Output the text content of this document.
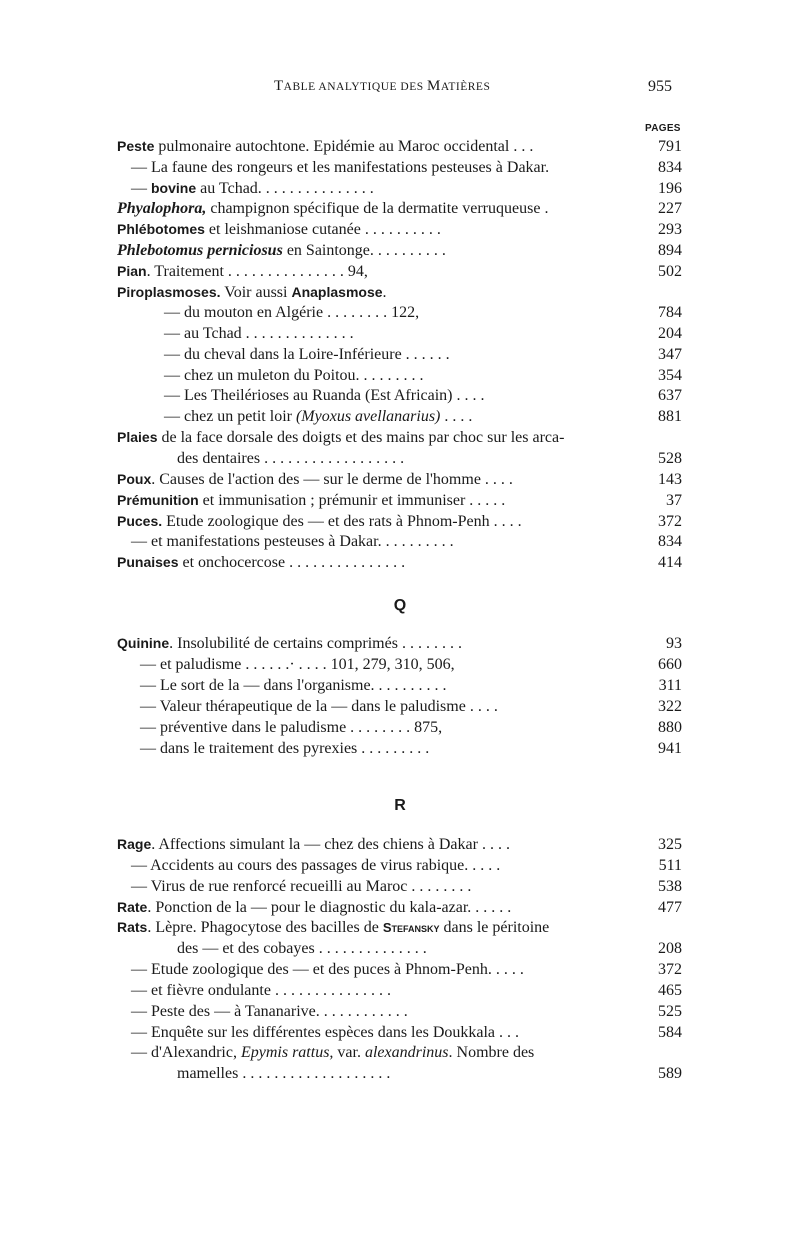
TABLE ANALYTIQUE DES MATIÈRES	955
PAGES
Peste pulmonaire autochtone. Epidémie au Maroc occidental . . .	791
— La faune des rongeurs et les manifestations pesteuses à Dakar.	834
— bovine au Tchad. . . . . . . . . . . . . . .	196
Phyalophora, champignon spécifique de la dermatite verruqueuse .	227
Phlébotomes et leishmaniose cutanée . . . . . . . . . .	293
Phlebotomus perniciosus en Saintonge. . . . . . . . . .	894
Pian. Traitement . . . . . . . . . . . . . . . 94,	502
Piroplasmoses. Voir aussi Anaplasmose.
— du mouton en Algérie . . . . . . . . 122,	784
— au Tchad . . . . . . . . . . . . . .	204
— du cheval dans la Loire-Inférieure . . . . . .	347
— chez un muleton du Poitou. . . . . . . . .	354
— Les Theilérioses au Ruanda (Est Africain) . . . .	637
— chez un petit loir (Myoxus avellanarius) . . . .	881
Plaies de la face dorsale des doigts et des mains par choc sur les arca-
des dentaires . . . . . . . . . . . . . . . . . .	528
Poux. Causes de l'action des — sur le derme de l'homme . . . .	143
Prémunition et immunisation ; prémunir et immuniser . . . . .	37
Puces. Etude zoologique des — et des rats à Phnom-Penh . . . .	372
— et manifestations pesteuses à Dakar. . . . . . . . . .	834
Punaises et onchocercose . . . . . . . . . . . . . . .	414
Quinine. Insolubilité de certains comprimés . . . . . . . .	93
— et paludisme . . . . . .· . . . . 101, 279, 310, 506,	660
— Le sort de la — dans l'organisme. . . . . . . . . .	311
— Valeur thérapeutique de la — dans le paludisme . . . .	322
— préventive dans le paludisme . . . . . . . . 875,	880
— dans le traitement des pyrexies . . . . . . . . .	941
Rage. Affections simulant la — chez des chiens à Dakar . . . .	325
— Accidents au cours des passages de virus rabique. . . . .	511
— Virus de rue renforcé recueilli au Maroc . . . . . . . .	538
Rate. Ponction de la — pour le diagnostic du kala-azar. . . . . .	477
Rats. Lèpre. Phagocytose des bacilles de Stefansky dans le péritoine
des — et des cobayes . . . . . . . . . . . . . .	208
— Etude zoologique des — et des puces à Phnom-Penh. . . . .	372
— et fièvre ondulante . . . . . . . . . . . . . . .	465
— Peste des — à Tananarive. . . . . . . . . . . .	525
— Enquête sur les différentes espèces dans les Doukkala . . .	584
— d'Alexandric, Epymis rattus, var. alexandrinus. Nombre des
mamelles . . . . . . . . . . . . . . . . . . .	589
Q
R
